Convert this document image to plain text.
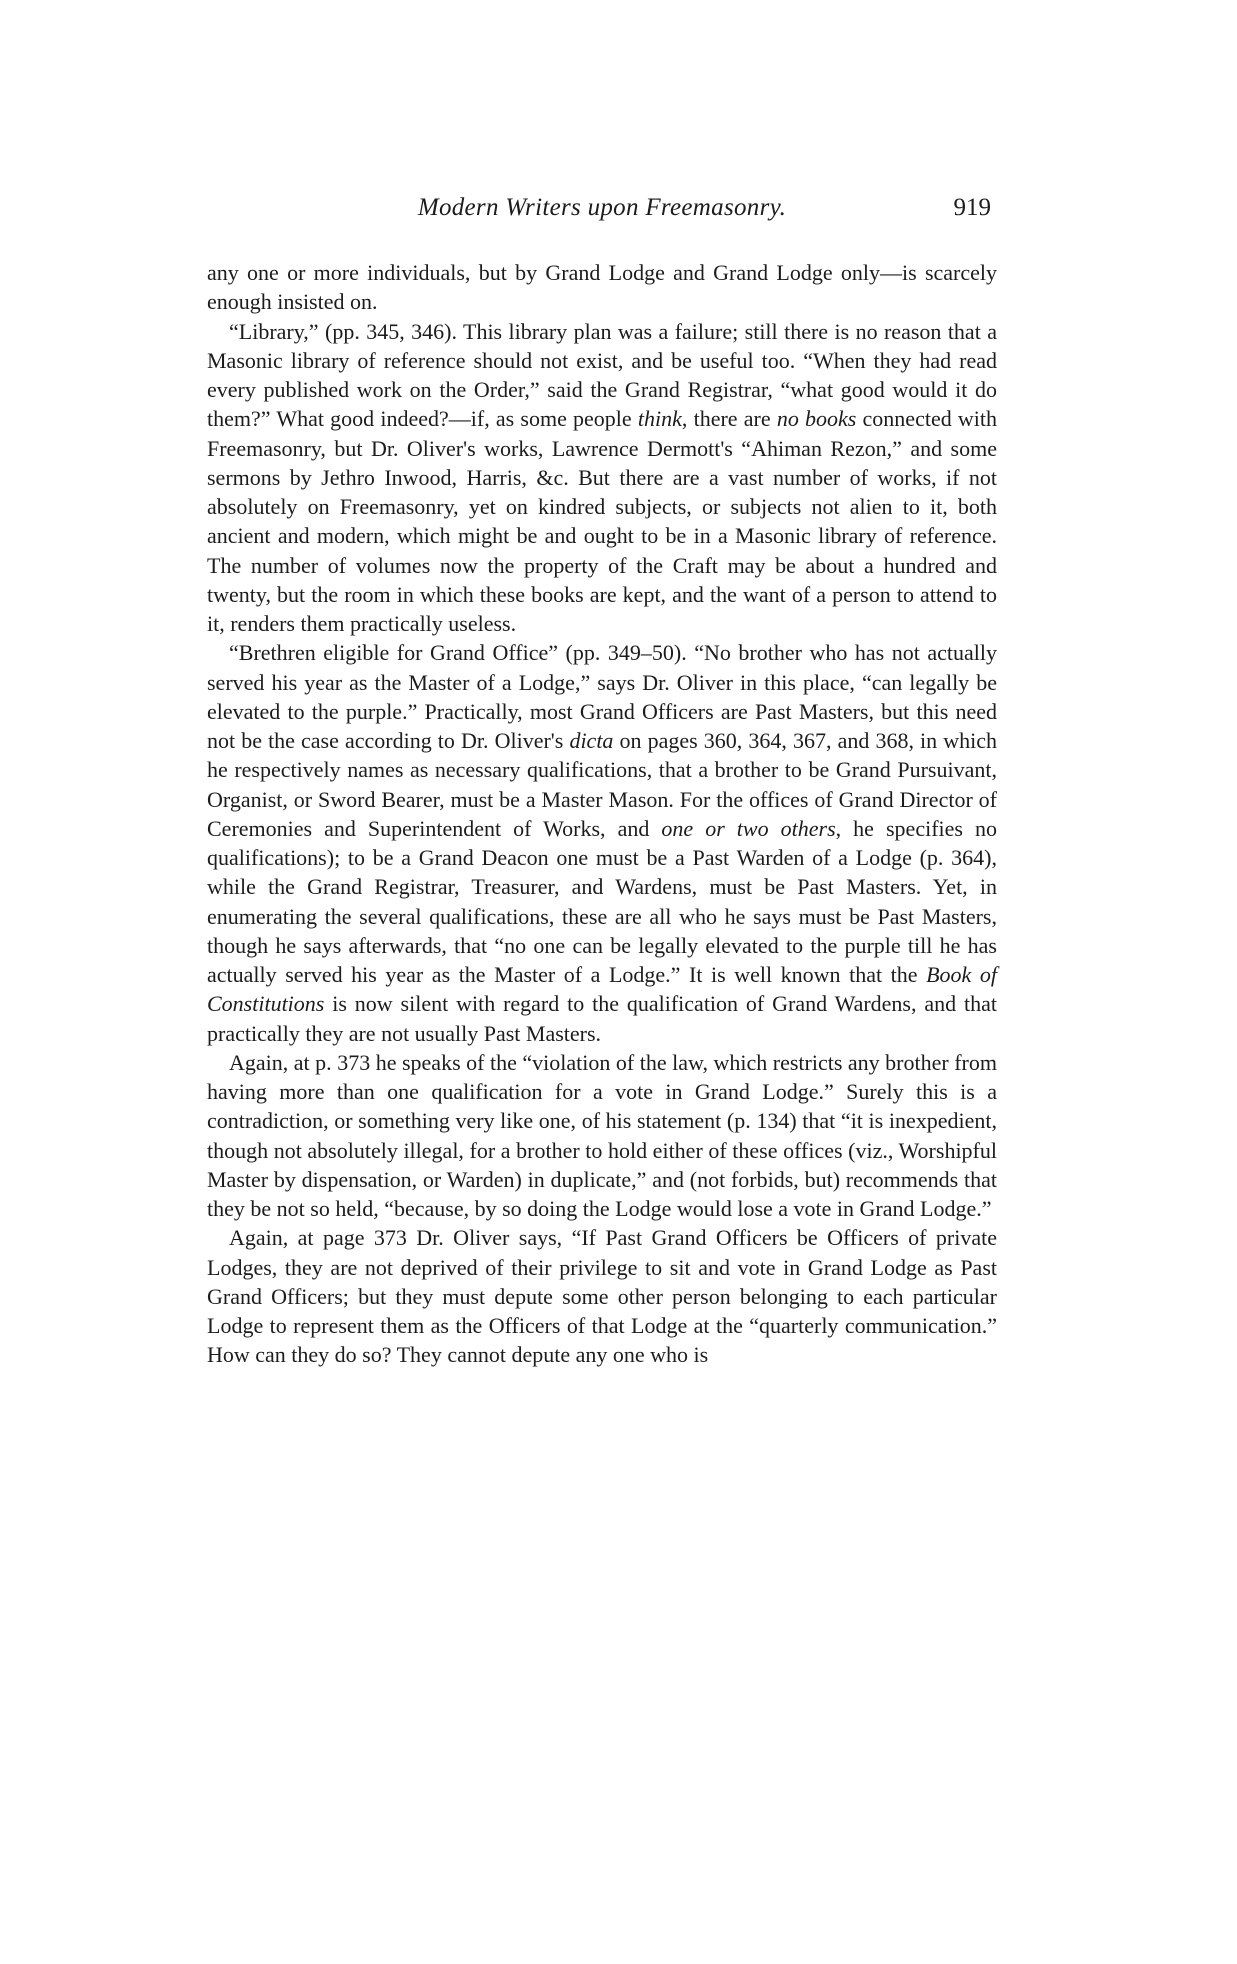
Modern Writers upon Freemasonry.	919

any one or more individuals, but by Grand Lodge and Grand Lodge only—is scarcely enough insisted on.

“Library,” (pp. 345, 346). This library plan was a failure; still there is no reason that a Masonic library of reference should not exist, and be useful too. “When they had read every published work on the Order,” said the Grand Registrar, “what good would it do them?” What good indeed?—if, as some people think, there are no books connected with Freemasonry, but Dr. Oliver's works, Lawrence Dermott's “Ahiman Rezon,” and some sermons by Jethro Inwood, Harris, &c. But there are a vast number of works, if not absolutely on Freemasonry, yet on kindred subjects, or subjects not alien to it, both ancient and modern, which might be and ought to be in a Masonic library of reference. The number of volumes now the property of the Craft may be about a hundred and twenty, but the room in which these books are kept, and the want of a person to attend to it, renders them practically useless.

“Brethren eligible for Grand Office” (pp. 349–50). “No brother who has not actually served his year as the Master of a Lodge,” says Dr. Oliver in this place, “can legally be elevated to the purple.” Practically, most Grand Officers are Past Masters, but this need not be the case according to Dr. Oliver's dicta on pages 360, 364, 367, and 368, in which he respectively names as necessary qualifications, that a brother to be Grand Pursuivant, Organist, or Sword Bearer, must be a Master Mason. For the offices of Grand Director of Ceremonies and Superintendent of Works, and one or two others, he specifies no qualifications); to be a Grand Deacon one must be a Past Warden of a Lodge (p. 364), while the Grand Registrar, Treasurer, and Wardens, must be Past Masters. Yet, in enumerating the several qualifications, these are all who he says must be Past Masters, though he says afterwards, that “no one can be legally elevated to the purple till he has actually served his year as the Master of a Lodge.” It is well known that the Book of Constitutions is now silent with regard to the qualification of Grand Wardens, and that practically they are not usually Past Masters.

Again, at p. 373 he speaks of the “violation of the law, which restricts any brother from having more than one qualification for a vote in Grand Lodge.” Surely this is a contradiction, or something very like one, of his statement (p. 134) that “it is inexpedient, though not absolutely illegal, for a brother to hold either of these offices (viz., Worshipful Master by dispensation, or Warden) in duplicate,” and (not forbids, but) recommends that they be not so held, “because, by so doing the Lodge would lose a vote in Grand Lodge.”

Again, at page 373 Dr. Oliver says, “If Past Grand Officers be Officers of private Lodges, they are not deprived of their privilege to sit and vote in Grand Lodge as Past Grand Officers; but they must depute some other person belonging to each particular Lodge to represent them as the Officers of that Lodge at the “quarterly communication.” How can they do so? They cannot depute any one who is
